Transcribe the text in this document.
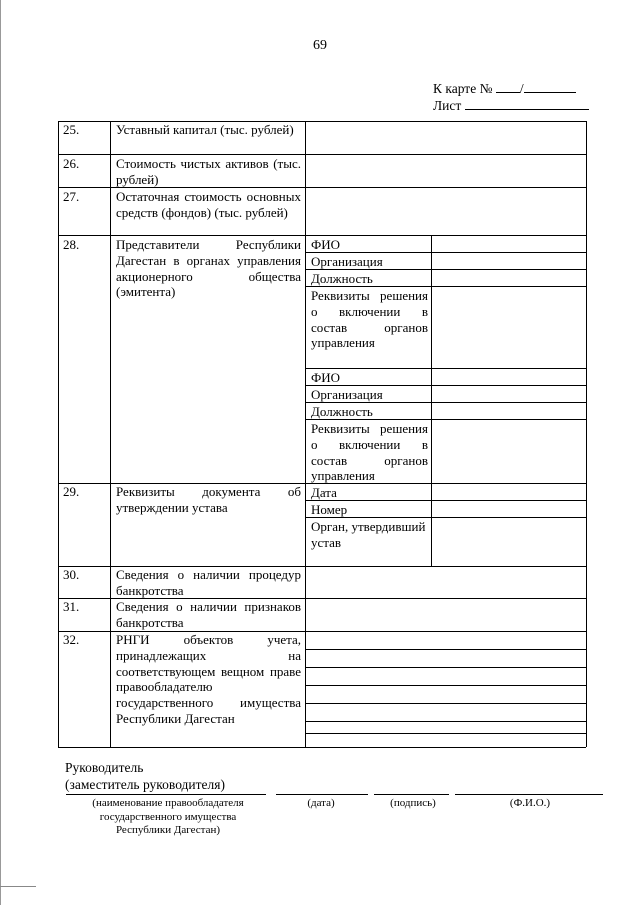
69
К карте № /
Лист
25.
26.
27.
28.
29.
30.
31.
32.
Уставный капитал (тыс. рублей)
Стоимость чистых активов (тыс. рублей)
Остаточная стоимость основных средств (фондов) (тыс. рублей)
Представители Республики Дагестан в органах управления акционерного общества (эмитента)
Реквизиты документа об утверждении устава
Сведения о наличии процедур банкротства
Сведения о наличии признаков банкротства
РНГИ объектов учета, принадлежащих на соответствующем вещном праве правообладателю государственного имущества Республики Дагестан
ФИО
Организация
Должность
Реквизиты решения о включении в состав органов управления
ФИО
Организация
Должность
Реквизиты решения о включении в состав органов управления
Дата
Номер
Орган, утвердивший устав
Руководитель
(заместитель руководителя)
(наименование правообладателя государственного имущества Республики Дагестан)
(дата)	(подпись)	(Ф.И.О.)
